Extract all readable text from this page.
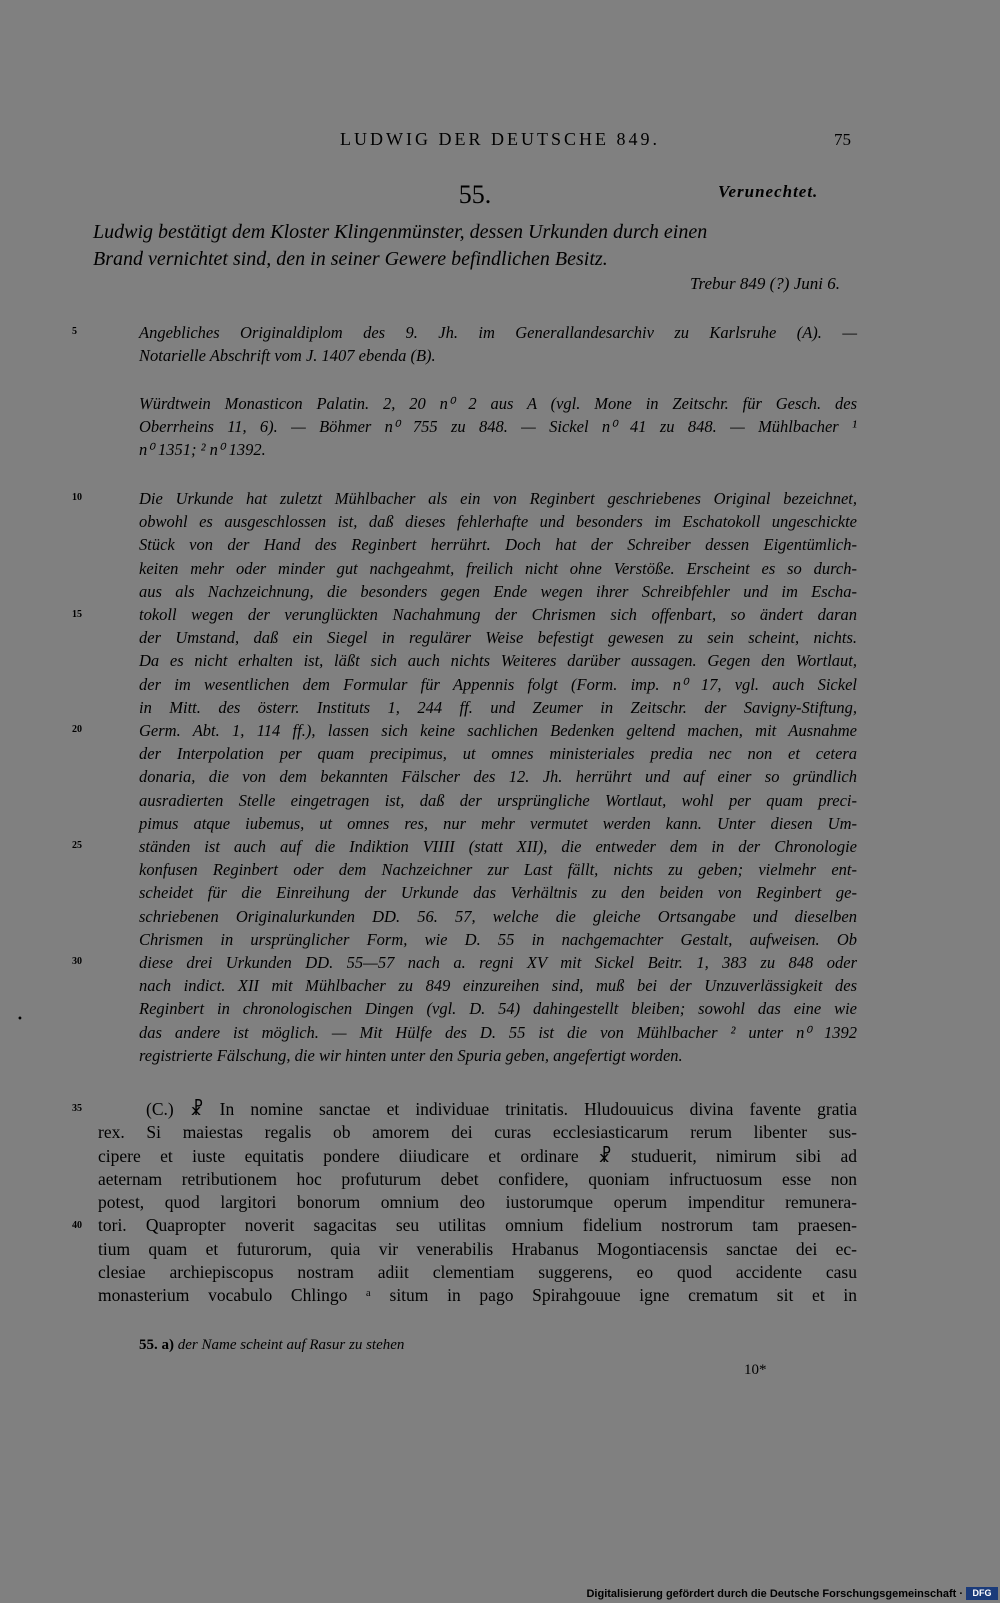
LUDWIG DER DEUTSCHE 849.	75
55.	Verunechtet.
Ludwig bestätigt dem Kloster Klingenmünster, dessen Urkunden durch einen
Brand vernichtet sind, den in seiner Gewere befindlichen Besitz.
Trebur 849 (?) Juni 6.
Angebliches Originaldiplom des 9. Jh. im Generallandesarchiv zu Karlsruhe (A). —
Notarielle Abschrift vom J. 1407 ebenda (B).
Würdtwein Monasticon Palatin. 2, 20 n⁰ 2 aus A (vgl. Mone in Zeitschr. für Gesch. des
Oberrheins 11, 6). — Böhmer n⁰ 755 zu 848. — Sickel n⁰ 41 zu 848. — Mühlbacher ¹
n⁰ 1351; ² n⁰ 1392.
Die Urkunde hat zuletzt Mühlbacher als ein von Reginbert geschriebenes Original bezeichnet,
obwohl es ausgeschlossen ist, daß dieses fehlerhafte und besonders im Eschatokoll ungeschickte
Stück von der Hand des Reginbert herrührt. Doch hat der Schreiber dessen Eigentümlich-
keiten mehr oder minder gut nachgeahmt, freilich nicht ohne Verstöße. Erscheint es so durch-
aus als Nachzeichnung, die besonders gegen Ende wegen ihrer Schreibfehler und im Escha-
tokoll wegen der verunglückten Nachahmung der Chrismen sich offenbart, so ändert daran
der Umstand, daß ein Siegel in regulärer Weise befestigt gewesen zu sein scheint, nichts.
Da es nicht erhalten ist, läßt sich auch nichts Weiteres darüber aussagen. Gegen den Wortlaut,
der im wesentlichen dem Formular für Appennis folgt (Form. imp. n⁰ 17, vgl. auch Sickel
in Mitt. des österr. Instituts 1, 244 ff. und Zeumer in Zeitschr. der Savigny-Stiftung,
Germ. Abt. 1, 114 ff.), lassen sich keine sachlichen Bedenken geltend machen, mit Ausnahme
der Interpolation per quam precipimus, ut omnes ministeriales predia nec non et cetera
donaria, die von dem bekannten Fälscher des 12. Jh. herrührt und auf einer so gründlich
ausradierten Stelle eingetragen ist, daß der ursprüngliche Wortlaut, wohl per quam preci-
pimus atque iubemus, ut omnes res, nur mehr vermutet werden kann. Unter diesen Um-
ständen ist auch auf die Indiktion VIIII (statt XII), die entweder dem in der Chronologie
konfusen Reginbert oder dem Nachzeichner zur Last fällt, nichts zu geben; vielmehr ent-
scheidet für die Einreihung der Urkunde das Verhältnis zu den beiden von Reginbert ge-
schriebenen Originalurkunden DD. 56. 57, welche die gleiche Ortsangabe und dieselben
Chrismen in ursprünglicher Form, wie D. 55 in nachgemachter Gestalt, aufweisen. Ob
diese drei Urkunden DD. 55—57 nach a. regni XV mit Sickel Beitr. 1, 383 zu 848 oder
nach indict. XII mit Mühlbacher zu 849 einzureihen sind, muß bei der Unzuverlässigkeit des
Reginbert in chronologischen Dingen (vgl. D. 54) dahingestellt bleiben; sowohl das eine wie
das andere ist möglich. — Mit Hülfe des D. 55 ist die von Mühlbacher ² unter n⁰ 1392
registrierte Fälschung, die wir hinten unter den Spuria geben, angefertigt worden.
5
10
15
20
25
30
35
40
•
(C.) ☧ In nomine sanctae et individuae trinitatis. Hludouuicus divina favente gratia
rex. Si maiestas regalis ob amorem dei curas ecclesiasticarum rerum libenter sus-
cipere et iuste equitatis pondere diiudicare et ordinare ☧ studuerit, nimirum sibi ad
aeternam retributionem hoc profuturum debet confidere, quoniam infructuosum esse non
potest, quod largitori bonorum omnium deo iustorumque operum impenditur remunera-
tori. Quapropter noverit sagacitas seu utilitas omnium fidelium nostrorum tam praesen-
tium quam et futurorum, quia vir venerabilis Hrabanus Mogontiacensis sanctae dei ec-
clesiae archiepiscopus nostram adiit clementiam suggerens, eo quod accidente casu
monasterium vocabulo Chlingo ᵃ situm in pago Spirahgouue igne crematum sit et in
55. a) der Name scheint auf Rasur zu stehen
10*
Digitalisierung gefördert durch die Deutsche Forschungsgemeinschaft ·	DFG
